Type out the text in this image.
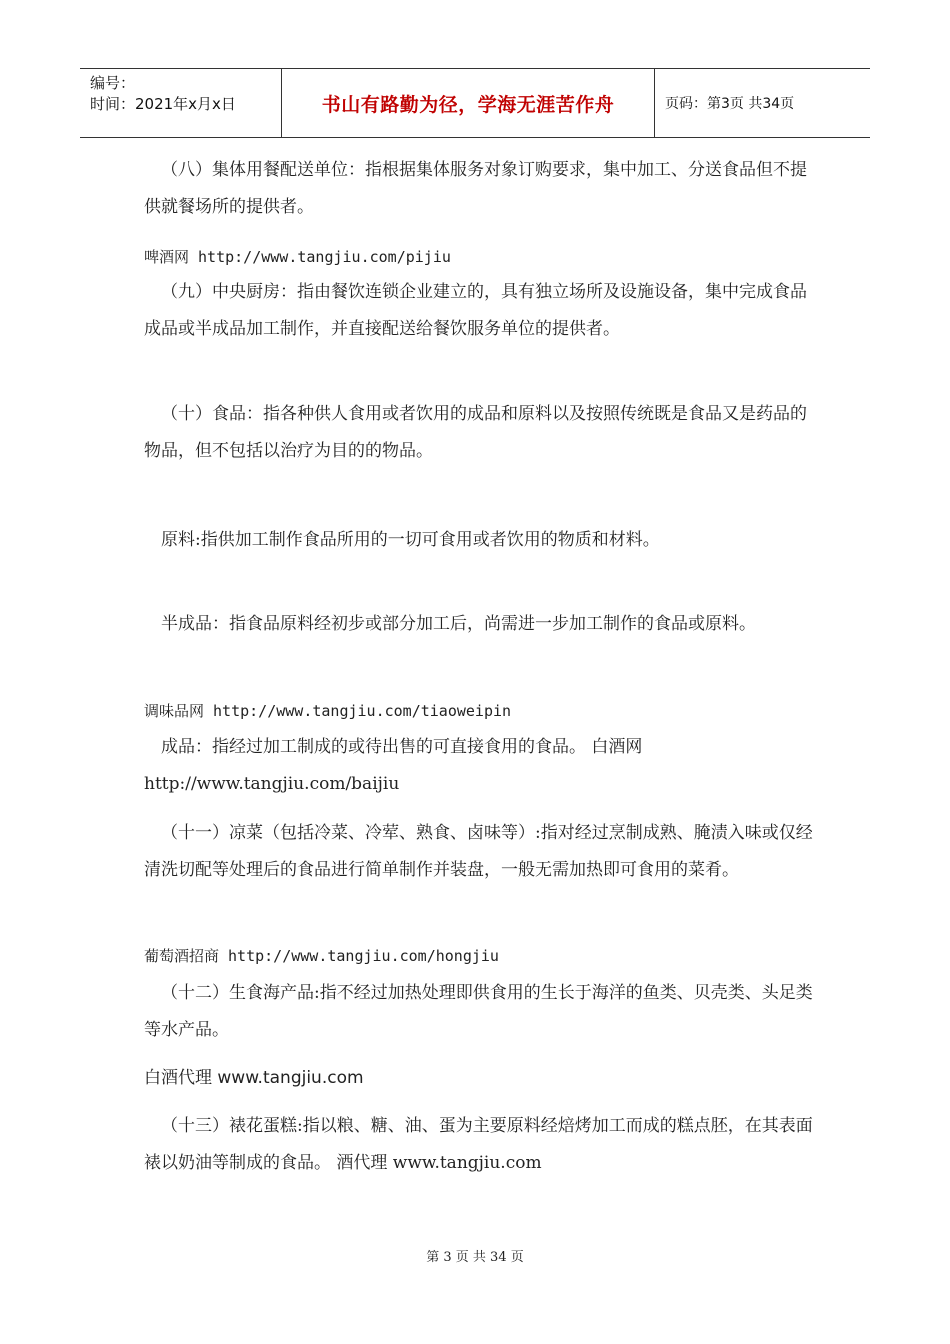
编号：
时间：2021年x月x日	书山有路勤为径，学海无涯苦作舟	页码：第3页 共34页

（八）集体用餐配送单位：指根据集体服务对象订购要求，集中加工、分送食品但不提供就餐场所的提供者。

啤酒网 http://www.tangjiu.com/pijiu

（九）中央厨房：指由餐饮连锁企业建立的，具有独立场所及设施设备，集中完成食品成品或半成品加工制作，并直接配送给餐饮服务单位的提供者。

（十）食品：指各种供人食用或者饮用的成品和原料以及按照传统既是食品又是药品的物品，但不包括以治疗为目的的物品。

原料:指供加工制作食品所用的一切可食用或者饮用的物质和材料。

半成品：指食品原料经初步或部分加工后，尚需进一步加工制作的食品或原料。

调味品网 http://www.tangjiu.com/tiaoweipin

成品：指经过加工制成的或待出售的可直接食用的食品。 白酒网 http://www.tangjiu.com/baijiu

（十一）凉菜（包括冷菜、冷荤、熟食、卤味等）:指对经过烹制成熟、腌渍入味或仅经清洗切配等处理后的食品进行简单制作并装盘，一般无需加热即可食用的菜肴。

葡萄酒招商 http://www.tangjiu.com/hongjiu

（十二）生食海产品:指不经过加热处理即供食用的生长于海洋的鱼类、贝壳类、头足类等水产品。

白酒代理 www.tangjiu.com

（十三）裱花蛋糕:指以粮、糖、油、蛋为主要原料经焙烤加工而成的糕点胚，在其表面裱以奶油等制成的食品。 酒代理 www.tangjiu.com

第 3 页 共 34 页
